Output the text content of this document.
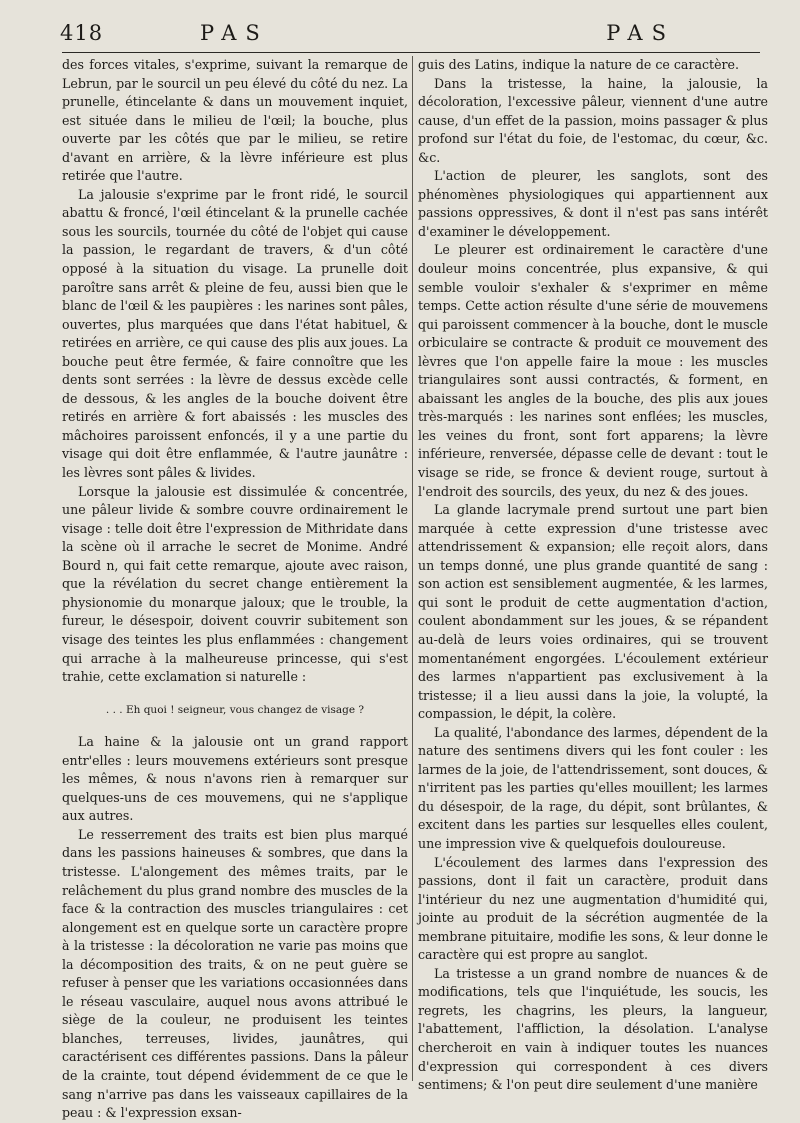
418	PAS	PAS

des forces vitales, s'exprime, suivant la remarque de Lebrun, par le sourcil un peu élevé du côté du nez. La prunelle, étincelante & dans un mouvement inquiet, est située dans le milieu de l'œil; la bouche, plus ouverte par les côtés que par le milieu, se retire d'avant en arrière, & la lèvre inférieure est plus retirée que l'autre.

La jalousie s'exprime par le front ridé, le sourcil abattu & froncé, l'œil étincelant & la prunelle cachée sous les sourcils, tournée du côté de l'objet qui cause la passion, le regardant de travers, & d'un côté opposé à la situation du visage. La prunelle doit paroître sans arrêt & pleine de feu, aussi bien que le blanc de l'œil & les paupières : les narines sont pâles, ouvertes, plus marquées que dans l'état habituel, & retirées en arrière, ce qui cause des plis aux joues. La bouche peut être fermée, & faire connoître que les dents sont serrées : la lèvre de dessus excède celle de dessous, & les angles de la bouche doivent être retirés en arrière & fort abaissés : les muscles des mâchoires paroissent enfoncés, il y a une partie du visage qui doit être enflammée, & l'autre jaunâtre : les lèvres sont pâles & livides.

Lorsque la jalousie est dissimulée & concentrée, une pâleur livide & sombre couvre ordinairement le visage : telle doit être l'expression de Mithridate dans la scène où il arrache le secret de Monime. André Bourd n, qui fait cette remarque, ajoute avec raison, que la révélation du secret change entièrement la physionomie du monarque jaloux; que le trouble, la fureur, le désespoir, doivent couvrir subitement son visage des teintes les plus enflammées : changement qui arrache à la malheureuse princesse, qui s'est trahie, cette exclamation si naturelle :

. . . Eh quoi ! seigneur, vous changez de visage ?

La haine & la jalousie ont un grand rapport entr'elles : leurs mouvemens extérieurs sont presque les mêmes, & nous n'avons rien à remarquer sur quelques-uns de ces mouvemens, qui ne s'applique aux autres.

Le resserrement des traits est bien plus marqué dans les passions haineuses & sombres, que dans la tristesse. L'alongement des mêmes traits, par le relâchement du plus grand nombre des muscles de la face & la contraction des muscles triangulaires : cet alongement est en quelque sorte un caractère propre à la tristesse : la décoloration ne varie pas moins que la décomposition des traits, & on ne peut guère se refuser à penser que les variations occasionnées dans le réseau vasculaire, auquel nous avons attribué le siège de la couleur, ne produisent les teintes blanches, terreuses, livides, jaunâtres, qui caractérisent ces différentes passions. Dans la pâleur de la crainte, tout dépend évidemment de ce que le sang n'arrive pas dans les vaisseaux capillaires de la peau : & l'expression exsan-

guis des Latins, indique la nature de ce caractère.

Dans la tristesse, la haine, la jalousie, la décoloration, l'excessive pâleur, viennent d'une autre cause, d'un effet de la passion, moins passager & plus profond sur l'état du foie, de l'estomac, du cœur, &c. &c.

L'action de pleurer, les sanglots, sont des phénomènes physiologiques qui appartiennent aux passions oppressives, & dont il n'est pas sans intérêt d'examiner le développement.

Le pleurer est ordinairement le caractère d'une douleur moins concentrée, plus expansive, & qui semble vouloir s'exhaler & s'exprimer en même temps. Cette action résulte d'une série de mouvemens qui paroissent commencer à la bouche, dont le muscle orbiculaire se contracte & produit ce mouvement des lèvres que l'on appelle faire la moue : les muscles triangulaires sont aussi contractés, & forment, en abaissant les angles de la bouche, des plis aux joues très-marqués : les narines sont enflées; les muscles, les veines du front, sont fort apparens; la lèvre inférieure, renversée, dépasse celle de devant : tout le visage se ride, se fronce & devient rouge, surtout à l'endroit des sourcils, des yeux, du nez & des joues.

La glande lacrymale prend surtout une part bien marquée à cette expression d'une tristesse avec attendrissement & expansion; elle reçoit alors, dans un temps donné, une plus grande quantité de sang : son action est sensiblement augmentée, & les larmes, qui sont le produit de cette augmentation d'action, coulent abondamment sur les joues, & se répandent au-delà de leurs voies ordinaires, qui se trouvent momentanément engorgées. L'écoulement extérieur des larmes n'appartient pas exclusivement à la tristesse; il a lieu aussi dans la joie, la volupté, la compassion, le dépit, la colère.

La qualité, l'abondance des larmes, dépendent de la nature des sentimens divers qui les font couler : les larmes de la joie, de l'attendrissement, sont douces, & n'irritent pas les parties qu'elles mouillent; les larmes du désespoir, de la rage, du dépit, sont brûlantes, & excitent dans les parties sur lesquelles elles coulent, une impression vive & quelquefois douloureuse.

L'écoulement des larmes dans l'expression des passions, dont il fait un caractère, produit dans l'intérieur du nez une augmentation d'humidité qui, jointe au produit de la sécrétion augmentée de la membrane pituitaire, modifie les sons, & leur donne le caractère qui est propre au sanglot.

La tristesse a un grand nombre de nuances & de modifications, tels que l'inquiétude, les soucis, les regrets, les chagrins, les pleurs, la langueur, l'abattement, l'affliction, la désolation. L'analyse chercheroit en vain à indiquer toutes les nuances d'expression qui correspondent à ces divers sentimens; & l'on peut dire seulement d'une manière
